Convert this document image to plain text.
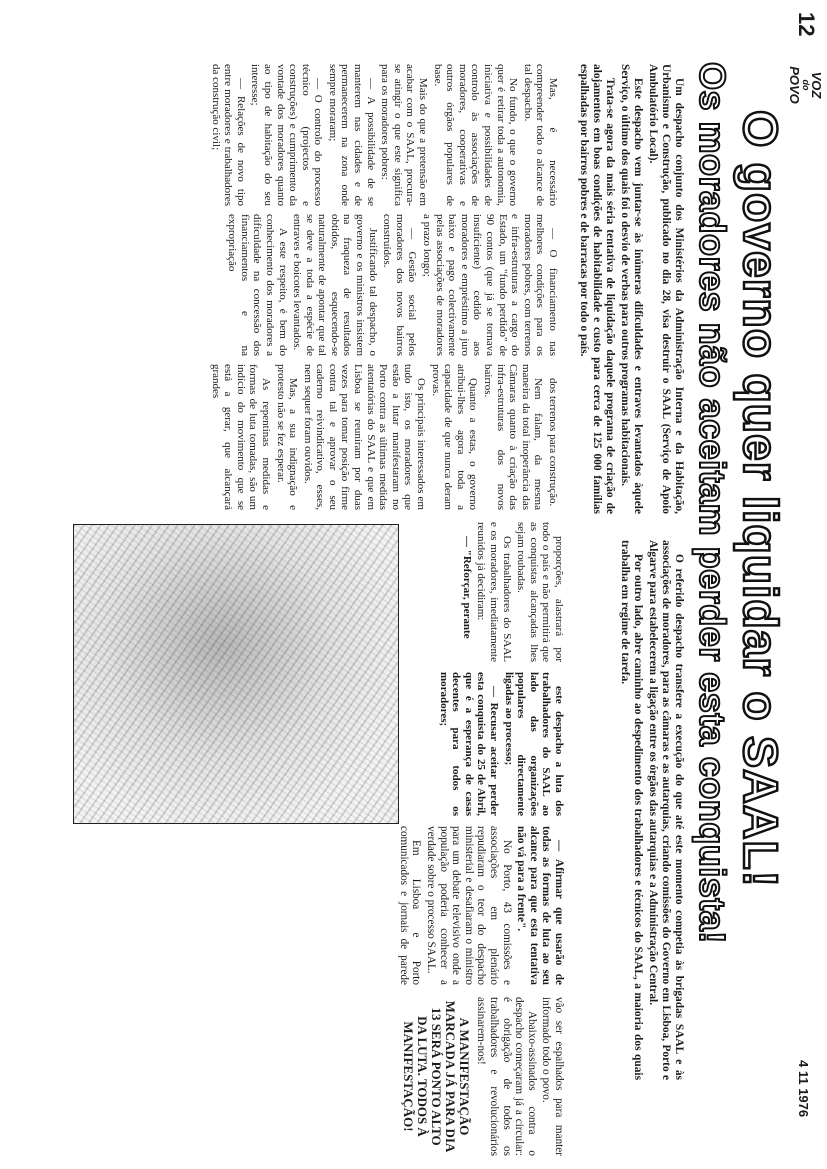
12
VOZ
do
POVO
4 11 1976
O governo quer liquidar o SAAL!
Os moradores não aceitam perder esta conquista!

Um despacho conjunto dos Ministérios da Administração Interna e da Habitação, Urbanismo e Construção, publicado no dia 28, visa destruir o SAAL (Serviço de Apoio Ambulatório Local).

Este despacho vem juntar-se às inúmeras dificuldades e entraves levantados àquele Serviço, o último dos quais foi o desvio de verbas para outros programas habitacionais.

Trata-se agora da mais séria tentativa de liquidação daquele programa de criação de alojamentos em boas condições de habitabilidade e custo para cerca de 125 000 famílias espalhadas por bairros pobres e de barracas por todo o país.

O referido despacho transfere a execução do que até este momento competia às brigadas SAAL e às associações de moradores, para as câmaras e as autarquias, criando comissões do Governo em Lisboa, Porto e Algarve para estabelecerem a ligação entre os órgãos das autarquias e a Administração Central.

Por outro lado, abre caminho ao despedimento dos trabalhadores e técnicos do SAAL, a maioria dos quais trabalha em regime de tarefa.

Mas, é necessário compreender todo o alcance de tal despacho.

No fundo, o que o governo quer é retirar toda a autonomia, iniciativa e possibilidades de controlo às associações de moradores, cooperativas e outros órgãos populares de base.

Mais do que a pretensão em acabar com o SAAL, procura-se atingir o que este significa para os moradores pobres:

— A possibilidade de se manterem nas cidades e de permanecerem na zona onde sempre moraram;

— O controlo do processo técnico (projectos e construções) e cumprimento da vontade dos moradores quanto ao tipo de habitação do seu interesse;

— Relações de novo tipo entre moradores e trabalhadores da construção civil;

— O financiamento nas melhores condições para os moradores pobres, com terrenos e infra-estruturas a cargo do Estado, um "fundo perdido" de 90 contos (que já se tornava insuficiente) cedido aos moradores e empréstimo a juro baixo e pago colectivamente pelas associações de moradores a prazo longo;

— Gestão social pelos moradores dos novos bairros construídos.

Justificando tal despacho, o governo e os ministros insistem na fraqueza de resultados obtidos, esquecendo-se naturalmente de apontar que tal se deve a toda a espécie de entraves e boicotes levantados.

A este respeito, é bem do conhecimento dos moradores a dificuldade na concessão dos financiamentos e na expropriação

dos terrenos para construção.

Nem falam, da mesma maneira da total inoperância das Câmaras quanto à criação das infra-estruturas dos novos bairros.

Quanto a estas, o governo atribui-lhes agora toda a capacidade de que nunca deram provas.

Os principais interessados em tudo isto, os moradores que estão a lutar manifestaram no Porto contra as últimas medidas atentatórias do SAAL e que em Lisboa se reuniram por duas vezes para tomar posição firme contra tal e aprovar o seu caderno reivindicativo, esses, nem sequer foram ouvidos.

Mas, a sua indignação e protesto não se fez esperar.

As repentinas medidas e formas de luta tomadas, são um indício do movimento que se está a gerar, que alcançará grandes

proporções, alastrará por todo o país e não permitirá que as conquistas alcançadas lhes sejam roubadas.

Os trabalhadores do SAAL e os moradores, imediatamente reunidos já decidiram:

— "Reforçar, perante

este despacho a luta dos trabalhadores do SAAL ao lado das organizações populares directamente ligadas ao processo;

— Recusar aceitar perder esta conquista do 25 de Abril, que é a esperança de casas decentes para todos os moradores;

— Afirmar que usarão de todas as formas de luta ao seu alcance para que esta tentativa não vá para a frente".

No Porto, 43 comissões e associações em plenário repudiaram o teor do despacho ministerial e desafiaram o ministro para um debate televisivo onde a população poderia conhecer a verdade sobre o processo SAAL.

Em Lisboa e Porto comunicados e jornais de parede vão ser espalhados para manter informado todo o povo.

Abaixo-assinados contra o despacho começaram já a circular: é obrigação de todos os trabalhadores e revolucionários assinarem-nos!

A MANIFESTAÇÃO MARCADA JÁ PARA DIA 13 SERÁ PONTO ALTO DA LUTA. TODOS À MANIFESTAÇÃO!
